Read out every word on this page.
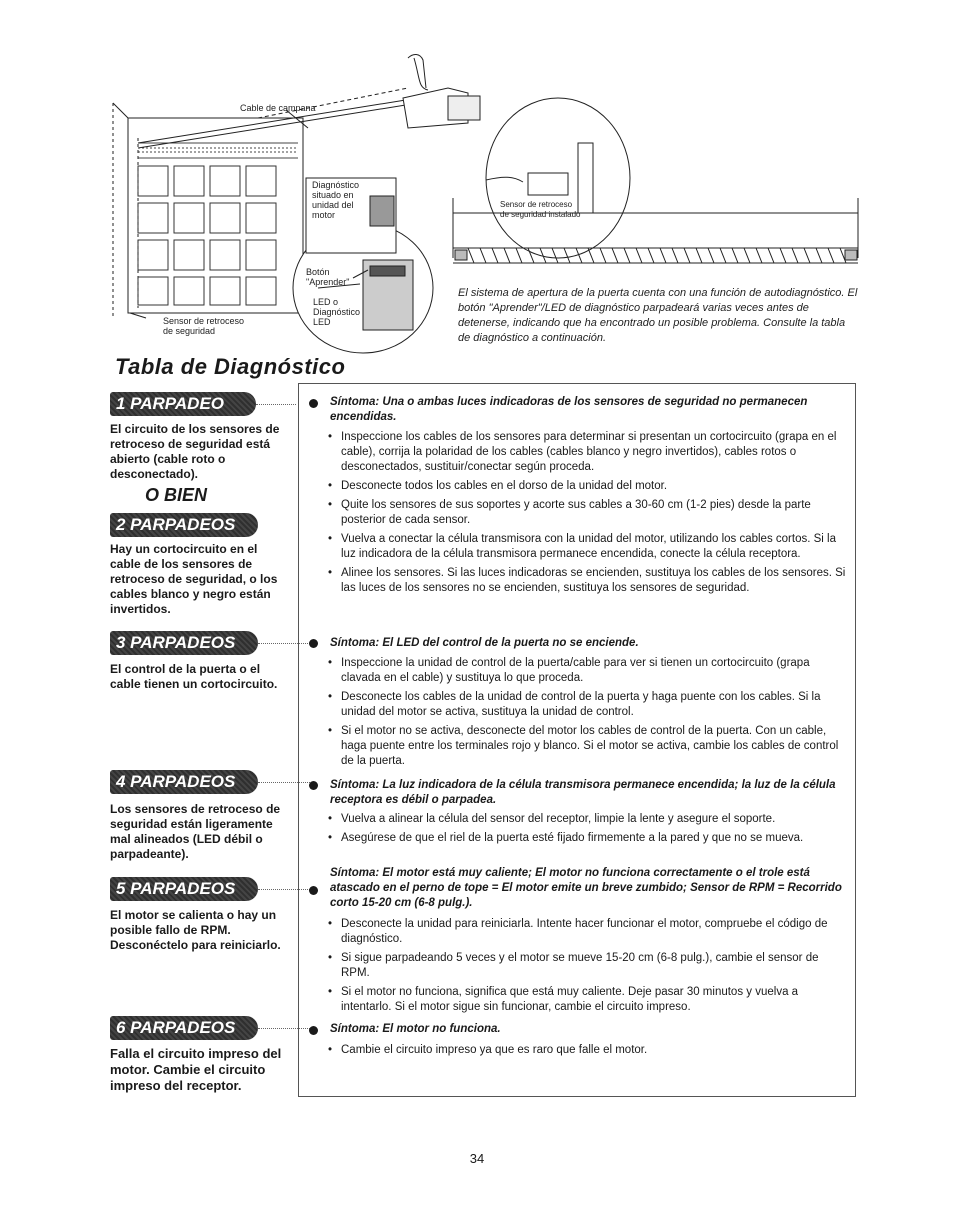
Cable de campana
Sensor de retroceso
de seguridad
Diagnóstico
situado en
unidad del
motor
Botón
"Aprender"
LED o
Diagnóstico
LED
Sensor de retroceso
de seguridad instalado
El sistema de apertura de la puerta cuenta con una función de autodiagnóstico. El botón "Aprender"/LED de diagnóstico parpadeará varias veces antes de detenerse, indicando que ha encontrado un posible problema. Consulte la tabla de diagnóstico a continuación.
Tabla de Diagnóstico
1 PARPADEO
El circuito de los sensores de retroceso de seguridad está abierto (cable roto o desconectado).
O BIEN
2 PARPADEOS
Hay un cortocircuito en el cable de los sensores de retroceso de seguridad, o los cables blanco y negro están invertidos.
3 PARPADEOS
El control de la puerta o el cable tienen un cortocircuito.
4 PARPADEOS
Los sensores de retroceso de seguridad están ligeramente mal alineados (LED débil o parpadeante).
5 PARPADEOS
El motor se calienta o hay un posible fallo de RPM. Desconéctelo para reiniciarlo.
6 PARPADEOS
Falla el circuito impreso del motor. Cambie el circuito impreso del receptor.
Síntoma: Una o ambas luces indicadoras de los sensores de seguridad no permanecen encendidas.
• Inspeccione los cables de los sensores para determinar si presentan un cortocircuito (grapa en el cable), corrija la polaridad de los cables (cables blanco y negro invertidos), cables rotos o desconectados, sustituir/conectar según proceda.
• Desconecte todos los cables en el dorso de la unidad del motor.
• Quite los sensores de sus soportes y acorte sus cables a 30-60 cm (1-2 pies) desde la parte posterior de cada sensor.
• Vuelva a conectar la célula transmisora con la unidad del motor, utilizando los cables cortos. Si la luz indicadora de la célula transmisora permanece encendida, conecte la célula receptora.
• Alinee los sensores. Si las luces indicadoras se encienden, sustituya los cables de los sensores. Si las luces de los sensores no se encienden, sustituya los sensores de seguridad.
Síntoma: El LED del control de la puerta no se enciende.
• Inspeccione la unidad de control de la puerta/cable para ver si tienen un cortocircuito (grapa clavada en el cable) y sustituya lo que proceda.
• Desconecte los cables de la unidad de control de la puerta y haga puente con los cables. Si la unidad del motor se activa, sustituya la unidad de control.
• Si el motor no se activa, desconecte del motor los cables de control de la puerta. Con un cable, haga puente entre los terminales rojo y blanco. Si el motor se activa, cambie los cables de control de la puerta.
Síntoma: La luz indicadora de la célula transmisora permanece encendida; la luz de la célula receptora es débil o parpadea.
• Vuelva a alinear la célula del sensor del receptor, limpie la lente y asegure el soporte.
• Asegúrese de que el riel de la puerta esté fijado firmemente a la pared y que no se mueva.
Síntoma: El motor está muy caliente; El motor no funciona correctamente o el trole está atascado en el perno de tope = El motor emite un breve zumbido; Sensor de RPM = Recorrido corto 15-20 cm (6-8 pulg.).
• Desconecte la unidad para reiniciarla. Intente hacer funcionar el motor, compruebe el código de diagnóstico.
• Si sigue parpadeando 5 veces y el motor se mueve 15-20 cm (6-8 pulg.), cambie el sensor de RPM.
• Si el motor no funciona, significa que está muy caliente. Deje pasar 30 minutos y vuelva a intentarlo. Si el motor sigue sin funcionar, cambie el circuito impreso.
Síntoma: El motor no funciona.
• Cambie el circuito impreso ya que es raro que falle el motor.
34
